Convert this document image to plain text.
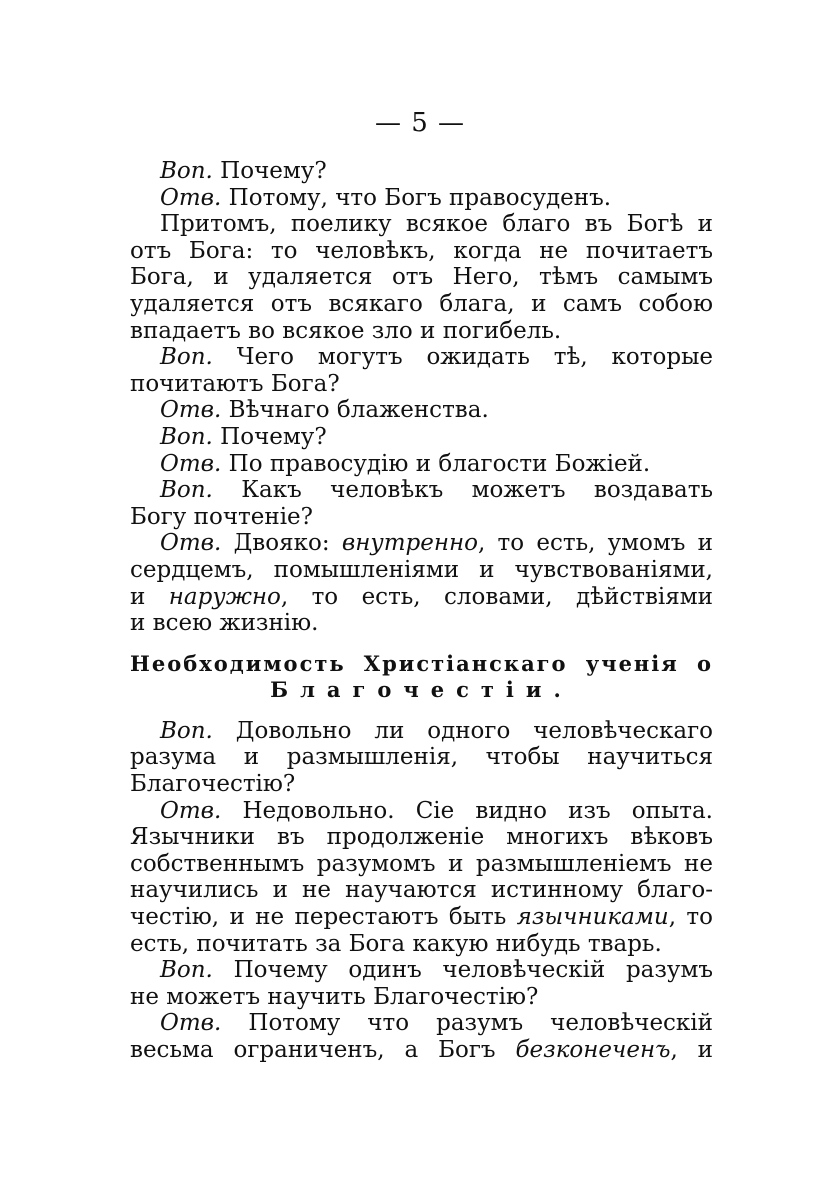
— 5 —
Воп. Почему?
Отв. Потому, что Богъ правосуденъ.
Притомъ, поелику всякое благо въ Богѣ и
отъ Бога: то человѣкъ, когда не почитаетъ
Бога, и удаляется отъ Него, тѣмъ самымъ
удаляется отъ всякаго блага, и самъ собою
впадаетъ во всякое зло и погибель.
Воп. Чего могутъ ожидать тѣ, которые
почитаютъ Бога?
Отв. Вѣчнаго блаженства.
Воп. Почему?
Отв. По правосудію и благости Божіей.
Воп. Какъ человѣкъ можетъ воздавать
Богу почтеніе?
Отв. Двояко: внутренно, то есть, умомъ и
сердцемъ, помышленіями и чувствованіями,
и наружно, то есть, словами, дѣйствіями
и всею жизнію.
Необходимость Христіанскаго ученія о
Благочестіи.
Воп. Довольно ли одного человѣческаго
разума и размышленія, чтобы научиться
Благочестію?
Отв. Недовольно. Сіе видно изъ опыта.
Язычники въ продолженіе многихъ вѣковъ
собственнымъ разумомъ и размышленіемъ не
научились и не научаются истинному благо-
честію, и не перестаютъ быть язычниками, то
есть, почитать за Бога какую нибудь тварь.
Воп. Почему одинъ человѣческій разумъ
не можетъ научить Благочестію?
Отв. Потому что разумъ человѣческій
весьма ограниченъ, а Богъ безконеченъ, и
